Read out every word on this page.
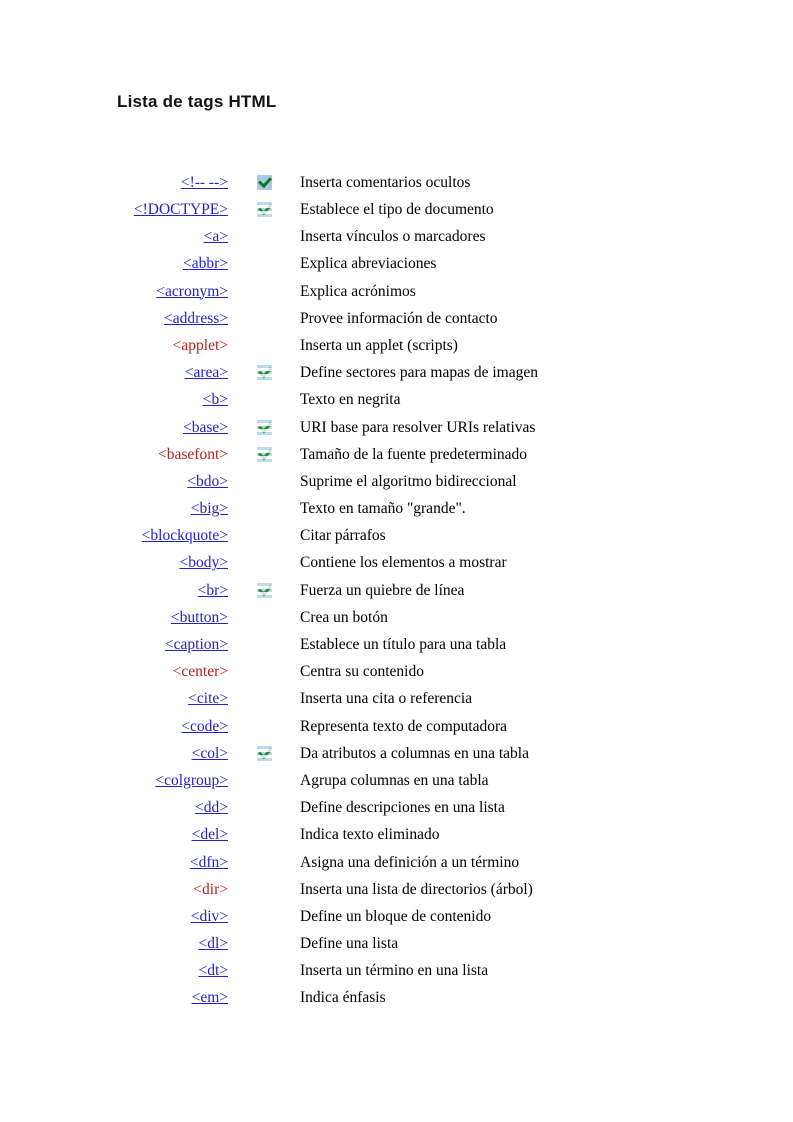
Lista de tags HTML
<!-- -->	Inserta comentarios ocultos
<!DOCTYPE>	Establece el tipo de documento
<a>	Inserta vínculos o marcadores
<abbr>	Explica abreviaciones
<acronym>	Explica acrónimos
<address>	Provee información de contacto
<applet>	Inserta un applet (scripts)
<area>	Define sectores para mapas de imagen
<b>	Texto en negrita
<base>	URI base para resolver URIs relativas
<basefont>	Tamaño de la fuente predeterminado
<bdo>	Suprime el algoritmo bidireccional
<big>	Texto en tamaño "grande".
<blockquote>	Citar párrafos
<body>	Contiene los elementos a mostrar
<br>	Fuerza un quiebre de línea
<button>	Crea un botón
<caption>	Establece un título para una tabla
<center>	Centra su contenido
<cite>	Inserta una cita o referencia
<code>	Representa texto de computadora
<col>	Da atributos a columnas en una tabla
<colgroup>	Agrupa columnas en una tabla
<dd>	Define descripciones en una lista
<del>	Indica texto eliminado
<dfn>	Asigna una definición a un término
<dir>	Inserta una lista de directorios (árbol)
<div>	Define un bloque de contenido
<dl>	Define una lista
<dt>	Inserta un término en una lista
<em>	Indica énfasis
